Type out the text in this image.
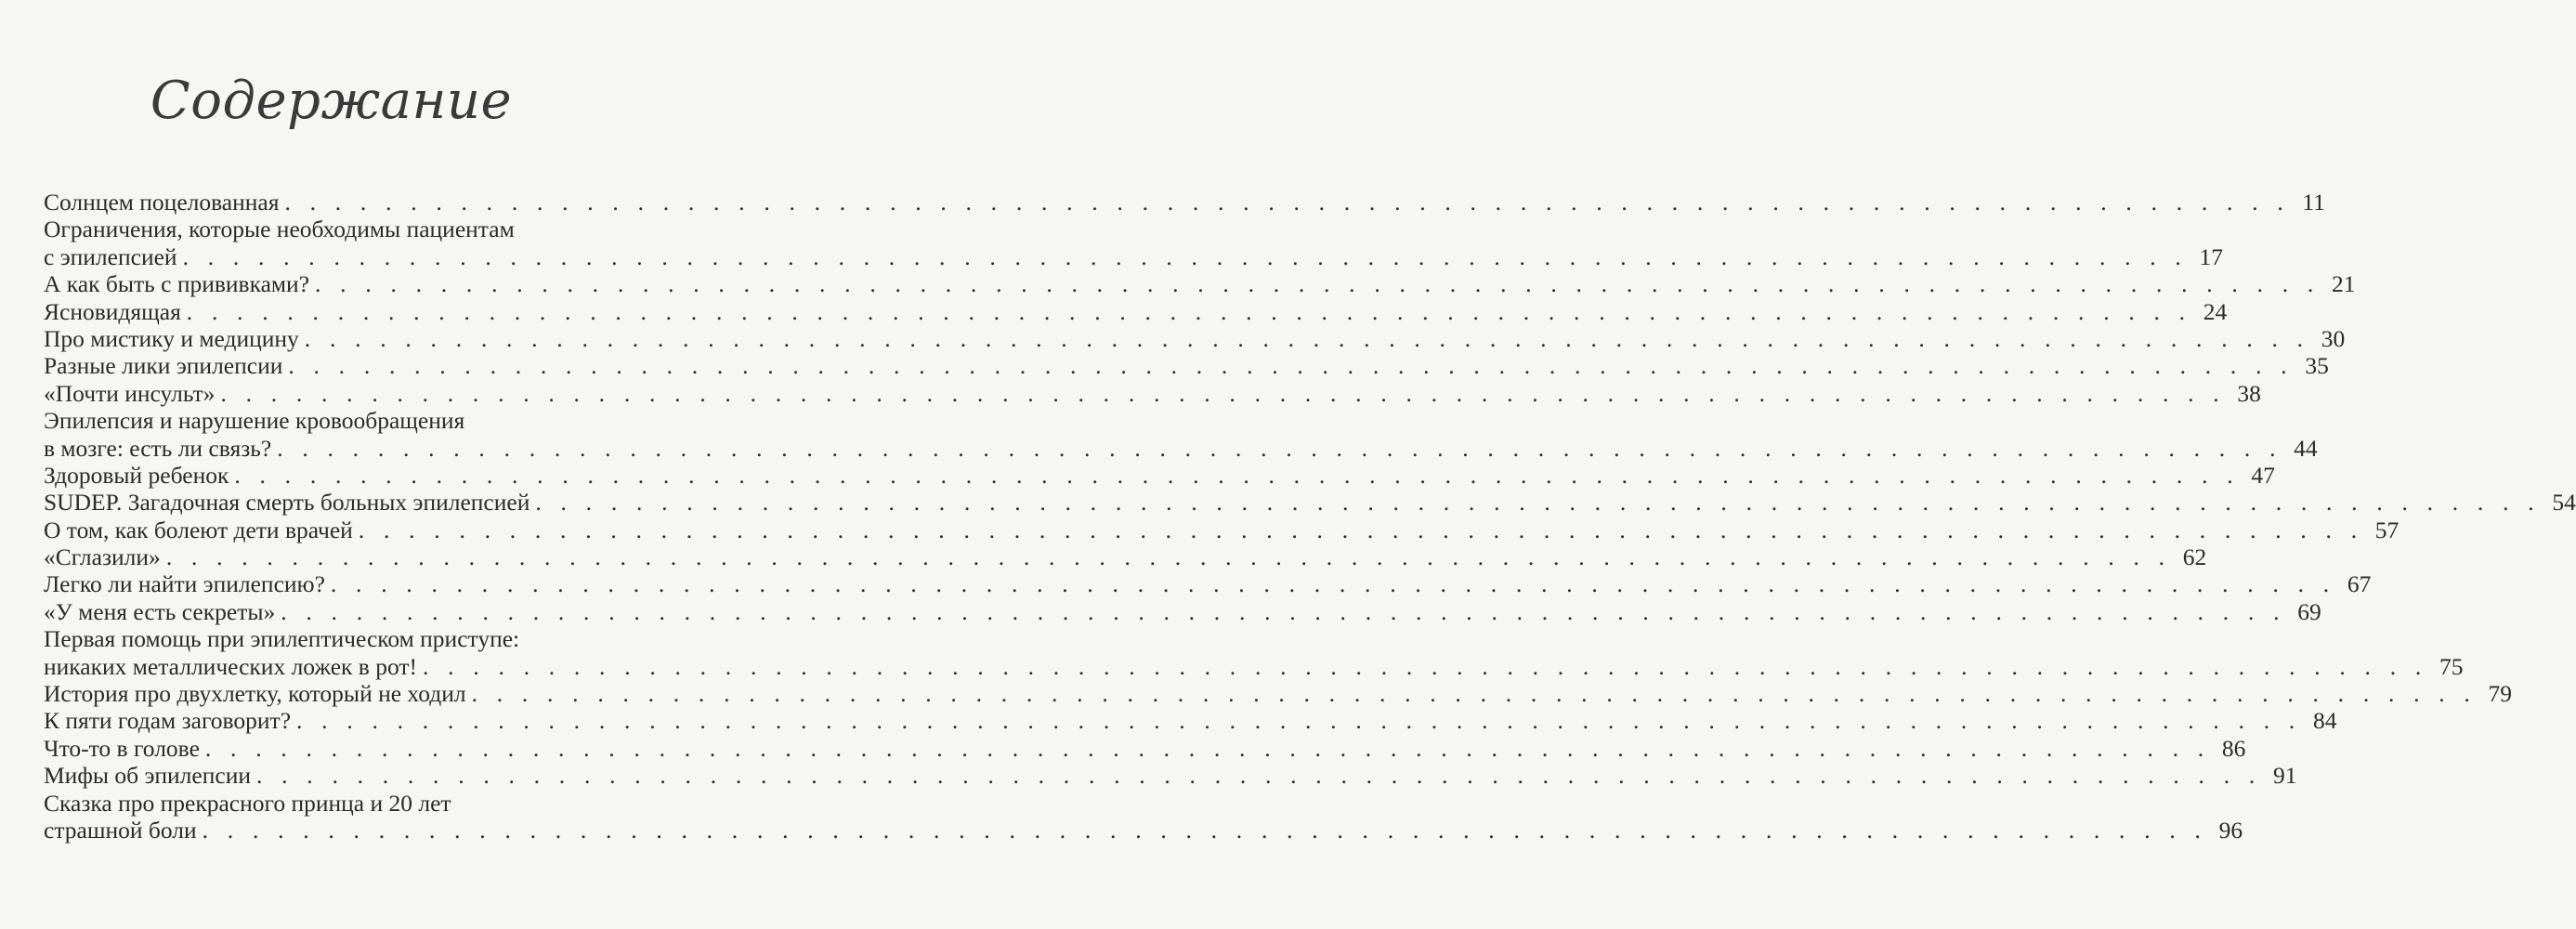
Содержание
Солнцем поцелованная . . . . . . . . . . . . . . . . . . . . . . . . . . . . . . . . . . . . . . . . . . . . . . . . . . . . . . . . . . . . . . . . . . . . . . . . . . . . . . . . 11
Ограничения, которые необходимы пациентам
с эпилепсией . . . . . . . . . . . . . . . . . . . . . . . . . . . . . . . . . . . . . . . . . . . . . . . . . . . . . . . . . . . . . . . . . . . . . . . . . . . . . . . . 17
А как быть с прививками? . . . . . . . . . . . . . . . . . . . . . . . . . . . . . . . . . . . . . . . . . . . . . . . . . . . . . . . . . . . . . . . . . . . . . . . . . . . . . . . . 21
Ясновидящая . . . . . . . . . . . . . . . . . . . . . . . . . . . . . . . . . . . . . . . . . . . . . . . . . . . . . . . . . . . . . . . . . . . . . . . . . . . . . . . . 24
Про мистику и медицину . . . . . . . . . . . . . . . . . . . . . . . . . . . . . . . . . . . . . . . . . . . . . . . . . . . . . . . . . . . . . . . . . . . . . . . . . . . . . . . . 30
Разные лики эпилепсии . . . . . . . . . . . . . . . . . . . . . . . . . . . . . . . . . . . . . . . . . . . . . . . . . . . . . . . . . . . . . . . . . . . . . . . . . . . . . . . . 35
«Почти инсульт» . . . . . . . . . . . . . . . . . . . . . . . . . . . . . . . . . . . . . . . . . . . . . . . . . . . . . . . . . . . . . . . . . . . . . . . . . . . . . . . . 38
Эпилепсия и нарушение кровообращения
в мозге: есть ли связь? . . . . . . . . . . . . . . . . . . . . . . . . . . . . . . . . . . . . . . . . . . . . . . . . . . . . . . . . . . . . . . . . . . . . . . . . . . . . . . . . 44
Здоровый ребенок . . . . . . . . . . . . . . . . . . . . . . . . . . . . . . . . . . . . . . . . . . . . . . . . . . . . . . . . . . . . . . . . . . . . . . . . . . . . . . . . 47
SUDEP. Загадочная смерть больных эпилепсией . . . . . . . . . . . . . . . . . . . . . . . . . . . . . . . . . . . . . . . . . . . . . . . . . . . . . . . . . . . . . . . . . . . . . . . . . . . . . . . . 54
О том, как болеют дети врачей . . . . . . . . . . . . . . . . . . . . . . . . . . . . . . . . . . . . . . . . . . . . . . . . . . . . . . . . . . . . . . . . . . . . . . . . . . . . . . . . 57
«Сглазили» . . . . . . . . . . . . . . . . . . . . . . . . . . . . . . . . . . . . . . . . . . . . . . . . . . . . . . . . . . . . . . . . . . . . . . . . . . . . . . . . 62
Легко ли найти эпилепсию? . . . . . . . . . . . . . . . . . . . . . . . . . . . . . . . . . . . . . . . . . . . . . . . . . . . . . . . . . . . . . . . . . . . . . . . . . . . . . . . . 67
«У меня есть секреты» . . . . . . . . . . . . . . . . . . . . . . . . . . . . . . . . . . . . . . . . . . . . . . . . . . . . . . . . . . . . . . . . . . . . . . . . . . . . . . . . 69
Первая помощь при эпилептическом приступе:
никаких металлических ложек в рот! . . . . . . . . . . . . . . . . . . . . . . . . . . . . . . . . . . . . . . . . . . . . . . . . . . . . . . . . . . . . . . . . . . . . . . . . . . . . . . . . 75
История про двухлетку, который не ходил . . . . . . . . . . . . . . . . . . . . . . . . . . . . . . . . . . . . . . . . . . . . . . . . . . . . . . . . . . . . . . . . . . . . . . . . . . . . . . . . 79
К пяти годам заговорит? . . . . . . . . . . . . . . . . . . . . . . . . . . . . . . . . . . . . . . . . . . . . . . . . . . . . . . . . . . . . . . . . . . . . . . . . . . . . . . . . 84
Что-то в голове . . . . . . . . . . . . . . . . . . . . . . . . . . . . . . . . . . . . . . . . . . . . . . . . . . . . . . . . . . . . . . . . . . . . . . . . . . . . . . . . 86
Мифы об эпилепсии . . . . . . . . . . . . . . . . . . . . . . . . . . . . . . . . . . . . . . . . . . . . . . . . . . . . . . . . . . . . . . . . . . . . . . . . . . . . . . . . 91
Сказка про прекрасного принца и 20 лет
страшной боли . . . . . . . . . . . . . . . . . . . . . . . . . . . . . . . . . . . . . . . . . . . . . . . . . . . . . . . . . . . . . . . . . . . . . . . . . . . . . . . . 96
